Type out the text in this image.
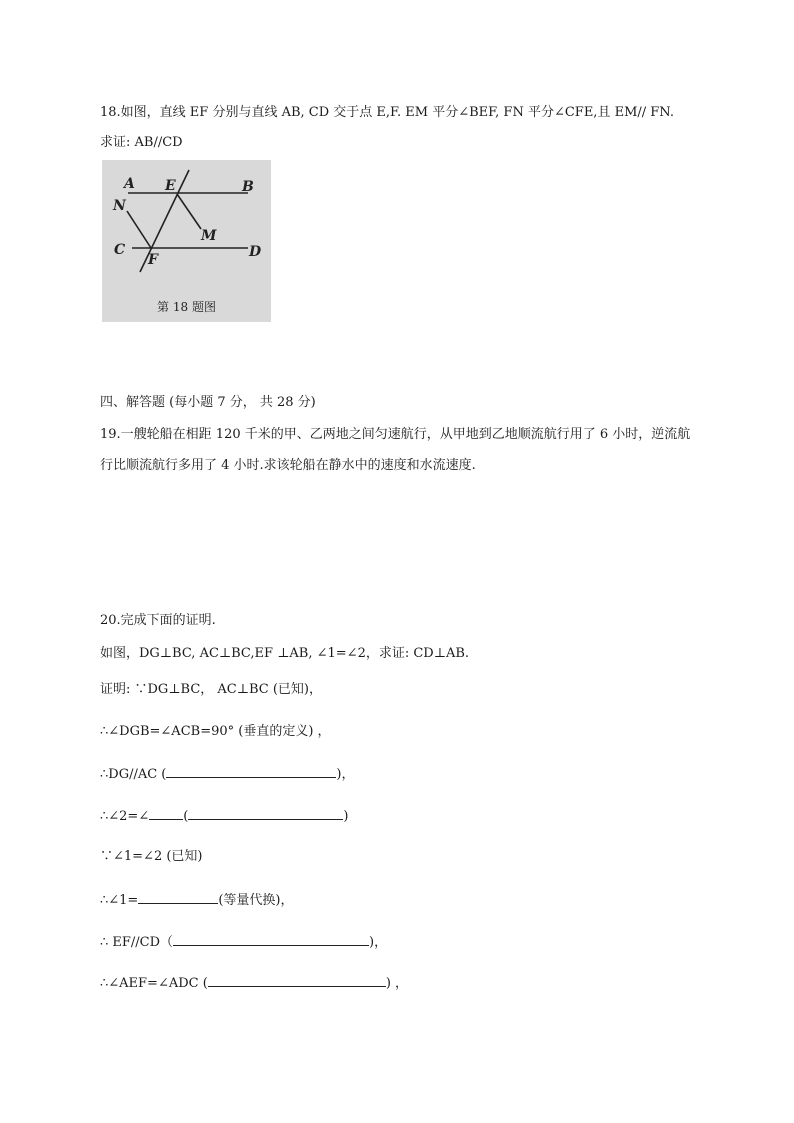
18.如图，直线 EF 分别与直线 AB, CD 交于点 E,F. EM 平分∠BEF, FN 平分∠CFE,且 EM// FN.
求证: AB//CD
A E	B
N
M
C
F	D
第 18 题图
四、解答题 (每小题 7 分， 共 28 分)
19.一艘轮船在相距 120 千米的甲、乙两地之间匀速航行，从甲地到乙地顺流航行用了 6 小时，逆流航
行比顺流航行多用了 4 小时.求该轮船在静水中的速度和水流速度.
20.完成下面的证明.
如图，DG⊥BC, AC⊥BC,EF ⊥AB, ∠1=∠2，求证: CD⊥AB.
证明: ∵DG⊥BC， AC⊥BC (已知)，
∴∠DGB=∠ACB=90° (垂直的定义) ，
∴DG//AC (	)，
∴∠2=∠	(	)
∵∠1=∠2 (已知)
∴∠1=	(等量代换)，
∴ EF//CD（	)，
∴∠AEF=∠ADC (	) ，
